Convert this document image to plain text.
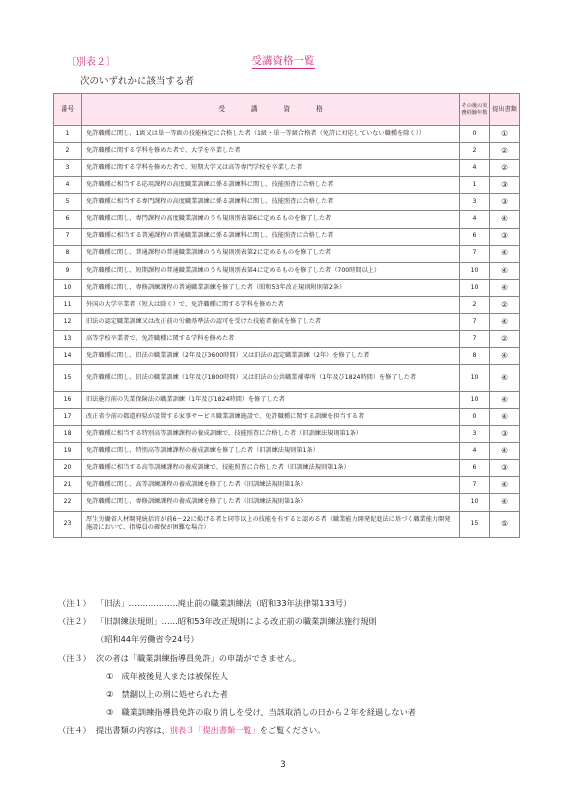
〔別表２〕	受講資格一覧
次のいずれかに該当する者
番号	受講資格	その後の実務経験年数	提出書類
1	免許職種に関し、1級又は単一等級の技能検定に合格した者（1級・単一等級合格者（免許に対応していない職種を除く））	0	①
2	免許職種に関する学科を修めた者で、大学を卒業した者	2	②
3	免許職種に関する学科を修めた者で、短期大学又は高等専門学校を卒業した者	4	②
4	免許職種に相当する応用課程の高度職業訓練に係る訓練科に関し、技能照査に合格した者	1	③
5	免許職種に相当する専門課程の高度職業訓練に係る訓練科に関し、技能照査に合格した者	3	③
6	免許職種に関し、専門課程の高度職業訓練のうち規則別表第6に定めるものを修了した者	4	④
7	免許職種に相当する普通課程の普通職業訓練に係る訓練科に関し、技能照査に合格した者	6	③
8	免許職種に関し、普通課程の普通職業訓練のうち規則別表第2に定めるものを修了した者	7	④
9	免許職種に関し、短期課程の普通職業訓練のうち規則別表第4に定めるものを修了した者（700時間以上）	10	④
10	免許職種に関し、専修訓練課程の普通職業訓練を修了した者（昭和53年改正規則附則第2条）	10	④
11	外国の大学卒業者（短大は除く）で、免許職種に関する学科を修めた者	2	②
12	旧法の認定職業訓練又は改正前の労働基準法の認可を受けた技能者養成を修了した者	7	④
13	高等学校卒業者で、免許職種に関する学科を修めた者	7	②
14	免許職種に関し、旧法の職業訓練（2年及び3600時間）又は旧法の認定職業訓練（2年）を修了した者	8	④
15	免許職種に関し、旧法の職業訓練（1年及び1800時間）又は旧法の公共職業補導所（1年及び1824時間）を修了した者	10	④
16	旧法施行前の失業保険法の職業訓練（1年及び1824時間）を修了した者	10	④
17	改正省令前の都道府県が設置する家事サービス職業訓練施設で、免許職種に関する訓練を担当する者	0	④
18	免許職種に相当する特別高等訓練課程の養成訓練で、技能照査に合格した者（旧訓練法規則第1条）	3	③
19	免許職種に関し、特別高等訓練課程の養成訓練を修了した者（旧訓練法規則第1条）	4	④
20	免許職種に相当する高等訓練課程の養成訓練で、技能照査に合格した者（旧訓練法規則第1条）	6	③
21	免許職種に関し、高等訓練課程の養成訓練を修了した者（旧訓練法規則第1条）	7	④
22	免許職種に関し、専修訓練課程の養成訓練を修了した者（旧訓練法規則第1条）	10	④
23	厚生労働省人材開発統括官が前6～22に掲げる者と同等以上の技能を有すると認める者（職業能力開発促進法に基づく職業能力開発施設において、指導員の確保が困難な場合）	15	⑤
（注１） 「旧法」………………廃止前の職業訓練法（昭和33年法律第133号）
（注２） 「旧訓練法規則」……昭和53年改正規則による改正前の職業訓練法施行規則
（昭和44年労働省令24号）
（注３） 次の者は「職業訓練指導員免許」の申請ができません。
①　成年被後見人または被保佐人
②　禁錮以上の刑に処せられた者
③　職業訓練指導員免許の取り消しを受け、当該取消しの日から２年を経過しない者
（注４） 提出書類の内容は、別表３「提出書類一覧」をご覧ください。
3
